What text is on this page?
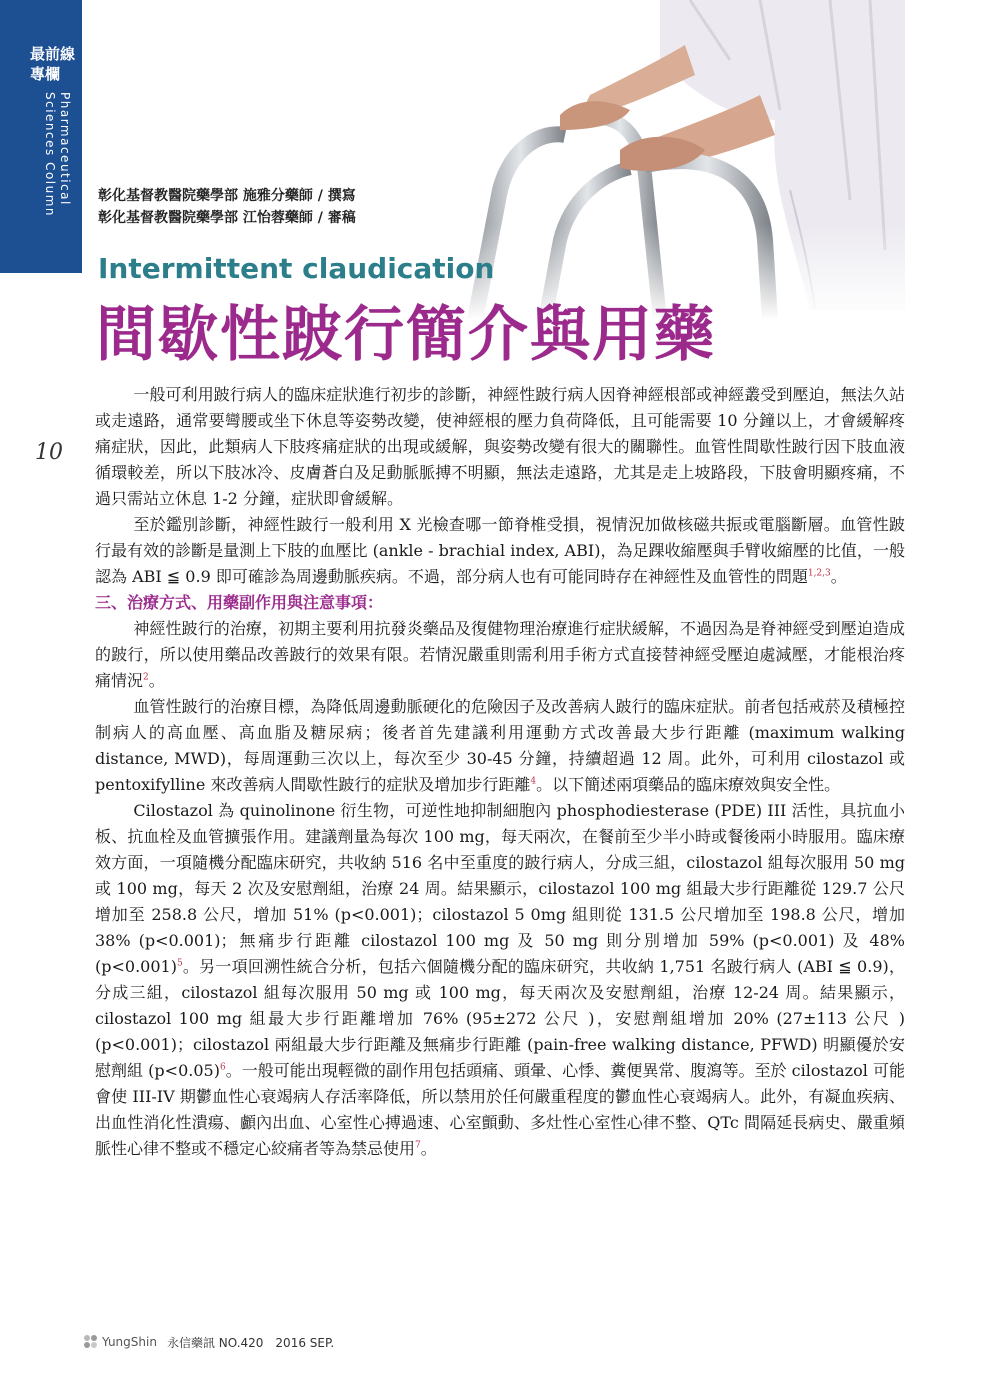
最前線
專欄
Pharmaceutical
Sciences Column	彰化基督教醫院藥學部 施雅分藥師 / 撰寫
彰化基督教醫院藥學部 江怡蓉藥師 / 審稿
Intermittent claudication
間歇性跛行簡介與用藥
10

一般可利用跛行病人的臨床症狀進行初步的診斷，神經性跛行病人因脊神經根部或神經叢受到壓迫，無法久站或走遠路，通常要彎腰或坐下休息等姿勢改變，使神經根的壓力負荷降低，且可能需要 10 分鐘以上，才會緩解疼痛症狀，因此，此類病人下肢疼痛症狀的出現或緩解，與姿勢改變有很大的關聯性。血管性間歇性跛行因下肢血液循環較差，所以下肢冰冷、皮膚蒼白及足動脈脈搏不明顯，無法走遠路，尤其是走上坡路段，下肢會明顯疼痛，不過只需站立休息 1-2 分鐘，症狀即會緩解。

至於鑑別診斷，神經性跛行一般利用 X 光檢查哪一節脊椎受損，視情況加做核磁共振或電腦斷層。血管性跛行最有效的診斷是量測上下肢的血壓比 (ankle - brachial index, ABI)，為足踝收縮壓與手臂收縮壓的比值，一般認為 ABI ≦ 0.9 即可確診為周邊動脈疾病。不過，部分病人也有可能同時存在神經性及血管性的問題$^{1,2,3}$。

三、治療方式、用藥副作用與注意事項：

神經性跛行的治療，初期主要利用抗發炎藥品及復健物理治療進行症狀緩解，不過因為是脊神經受到壓迫造成的跛行，所以使用藥品改善跛行的效果有限。若情況嚴重則需利用手術方式直接替神經受壓迫處減壓，才能根治疼痛情況$^2$。

血管性跛行的治療目標，為降低周邊動脈硬化的危險因子及改善病人跛行的臨床症狀。前者包括戒菸及積極控制病人的高血壓、高血脂及糖尿病；後者首先建議利用運動方式改善最大步行距離 (maximum walking distance, MWD)，每周運動三次以上，每次至少 30-45 分鐘，持續超過 12 周。此外，可利用 cilostazol 或 pentoxifylline 來改善病人間歇性跛行的症狀及增加步行距離$^4$。以下簡述兩項藥品的臨床療效與安全性。

Cilostazol 為 quinolinone 衍生物，可逆性地抑制細胞內 phosphodiesterase (PDE) III 活性，具抗血小板、抗血栓及血管擴張作用。建議劑量為每次 100 mg，每天兩次，在餐前至少半小時或餐後兩小時服用。臨床療效方面，一項隨機分配臨床研究，共收納 516 名中至重度的跛行病人，分成三組，cilostazol 組每次服用 50 mg 或 100 mg，每天 2 次及安慰劑組，治療 24 周。結果顯示，cilostazol 100 mg 組最大步行距離從 129.7 公尺增加至 258.8 公尺，增加 51% (p<0.001)；cilostazol 5 0mg 組則從 131.5 公尺增加至 198.8 公尺，增加 38% (p<0.001)；無痛步行距離 cilostazol 100 mg 及 50 mg 則分別增加 59% (p<0.001) 及 48% (p<0.001)$^5$。另一項回溯性統合分析，包括六個隨機分配的臨床研究，共收納 1,751 名跛行病人 (ABI ≦ 0.9)，分成三組，cilostazol 組每次服用 50 mg 或 100 mg，每天兩次及安慰劑組，治療 12-24 周。結果顯示，cilostazol 100 mg 組最大步行距離增加 76% (95±272 公尺 )，安慰劑組增加 20% (27±113 公尺 ) (p<0.001)；cilostazol 兩組最大步行距離及無痛步行距離 (pain-free walking distance, PFWD) 明顯優於安慰劑組 (p<0.05)$^6$。一般可能出現輕微的副作用包括頭痛、頭暈、心悸、糞便異常、腹瀉等。至於 cilostazol 可能會使 III-IV 期鬱血性心衰竭病人存活率降低，所以禁用於任何嚴重程度的鬱血性心衰竭病人。此外，有凝血疾病、出血性消化性潰瘍、顱內出血、心室性心搏過速、心室顫動、多灶性心室性心律不整、QTc 間隔延長病史、嚴重頻脈性心律不整或不穩定心絞痛者等為禁忌使用$^7$。

YungShin 永信藥訊 NO.420　2016 SEP.
